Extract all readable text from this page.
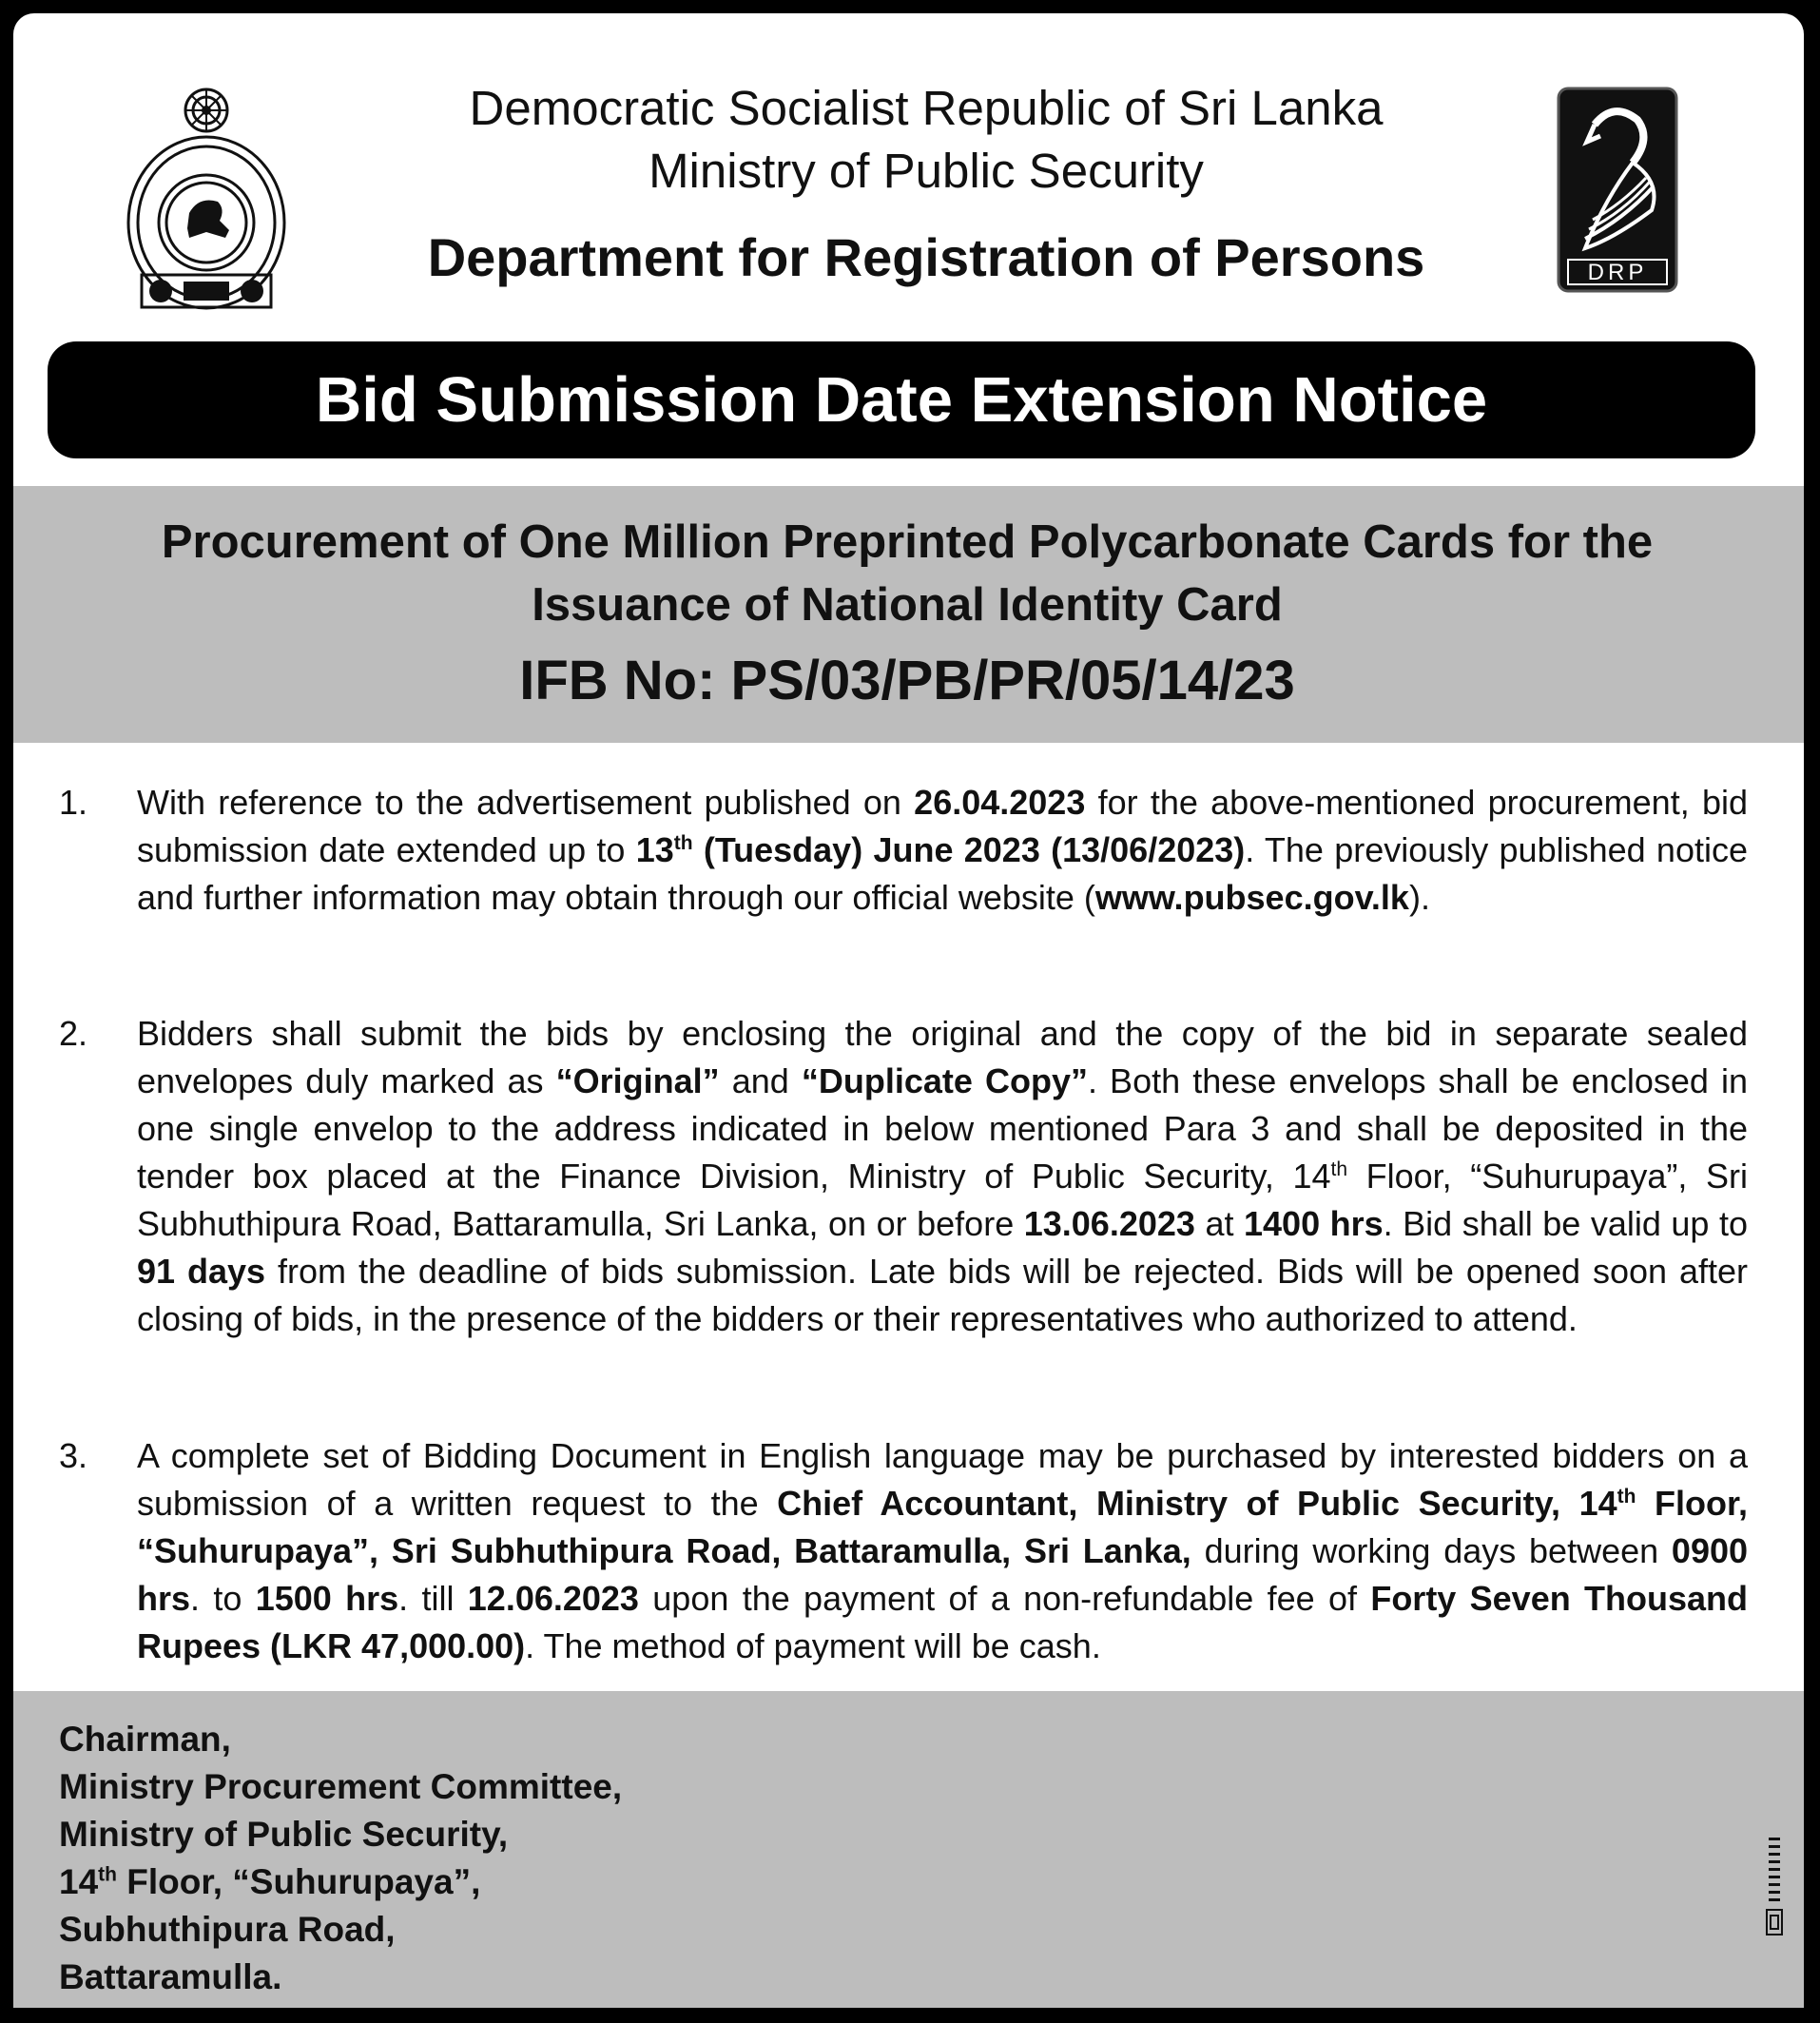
Democratic Socialist Republic of Sri Lanka
Ministry of Public Security
Department for Registration of Persons	DRP
Bid Submission Date Extension Notice
Procurement of One Million Preprinted Polycarbonate Cards for the Issuance of National Identity Card
IFB No: PS/03/PB/PR/05/14/23
1. With reference to the advertisement published on 26.04.2023 for the above-mentioned procurement, bid submission date extended up to 13th (Tuesday) June 2023 (13/06/2023). The previously published notice and further information may obtain through our official website (www.pubsec.gov.lk).
2. Bidders shall submit the bids by enclosing the original and the copy of the bid in separate sealed envelopes duly marked as “Original” and “Duplicate Copy”. Both these envelops shall be enclosed in one single envelop to the address indicated in below mentioned Para 3 and shall be deposited in the tender box placed at the Finance Division, Ministry of Public Security, 14th Floor, “Suhurupaya”, Sri Subhuthipura Road, Battaramulla, Sri Lanka, on or before 13.06.2023 at 1400 hrs. Bid shall be valid up to 91 days from the deadline of bids submission. Late bids will be rejected. Bids will be opened soon after closing of bids, in the presence of the bidders or their representatives who authorized to attend.
3. A complete set of Bidding Document in English language may be purchased by interested bidders on a submission of a written request to the Chief Accountant, Ministry of Public Security, 14th Floor, “Suhurupaya”, Sri Subhuthipura Road, Battaramulla, Sri Lanka, during working days between 0900 hrs. to 1500 hrs. till 12.06.2023 upon the payment of a non-refundable fee of Forty Seven Thousand Rupees (LKR 47,000.00). The method of payment will be cash.
Chairman,
Ministry Procurement Committee,
Ministry of Public Security,
14th Floor, “Suhurupaya”,
Subhuthipura Road,
Battaramulla.
